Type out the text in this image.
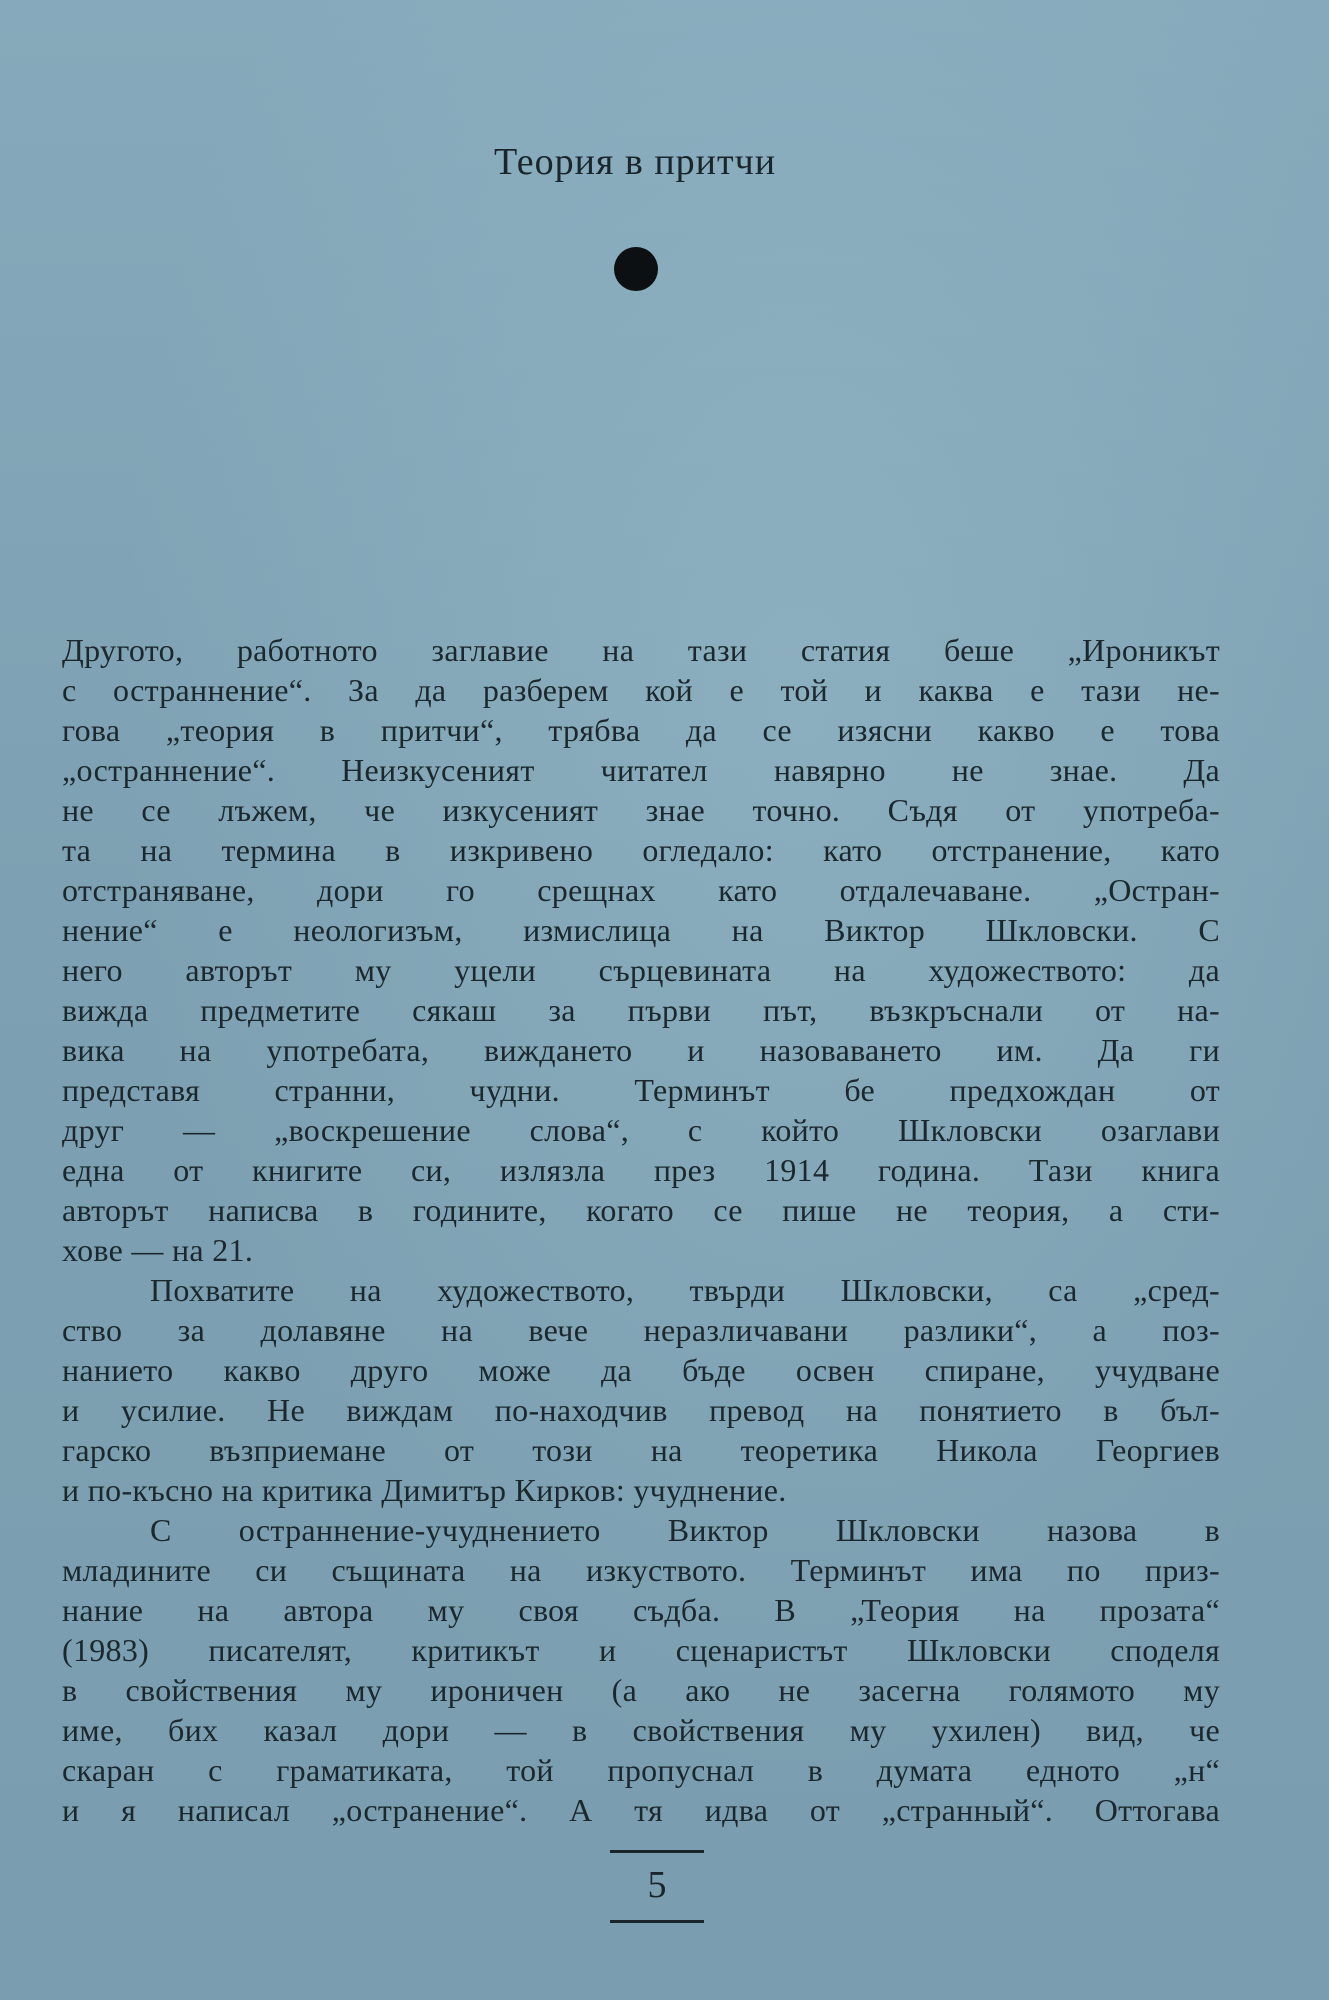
Теория в притчи
Другото, работното заглавие на тази статия беше „Ироникът
с остраннение“. За да разберем кой е той и каква е тази не-
гова „теория в притчи“, трябва да се изясни какво е това
„остраннение“. Неизкусеният читател навярно не знае. Да
не се лъжем, че изкусеният знае точно. Съдя от употреба-
та на термина в изкривено огледало: като отстранение, като
отстраняване, дори го срещнах като отдалечаване. „Остран-
нение“ е неологизъм, измислица на Виктор Шкловски. С
него авторът му уцели сърцевината на художеството: да
вижда предметите сякаш за първи път, възкръснали от на-
вика на употребата, виждането и назоваването им. Да ги
представя странни, чудни. Терминът бе предхождан от
друг — „воскрешение слова“, с който Шкловски озаглави
една от книгите си, излязла през 1914 година. Тази книга
авторът написва в годините, когато се пише не теория, а сти-
хове — на 21.
Похватите на художеството, твърди Шкловски, са „сред-
ство за долавяне на вече неразличавани разлики“, а поз-
нанието какво друго може да бъде освен спиране, учудване
и усилие. Не виждам по-находчив превод на понятието в бъл-
гарско възприемане от този на теоретика Никола Георгиев
и по-късно на критика Димитър Кирков: учуднение.
С остраннение-учуднението Виктор Шкловски назова в
младините си същината на изкуството. Терминът има по приз-
нание на автора му своя съдба. В „Теория на прозата“
(1983) писателят, критикът и сценаристът Шкловски споделя
в свойствения му ироничен (а ако не засегна голямото му
име, бих казал дори — в свойствения му ухилен) вид, че
скаран с граматиката, той пропуснал в думата едното „н“
и я написал „остранение“. А тя идва от „странный“. Оттогава
5
